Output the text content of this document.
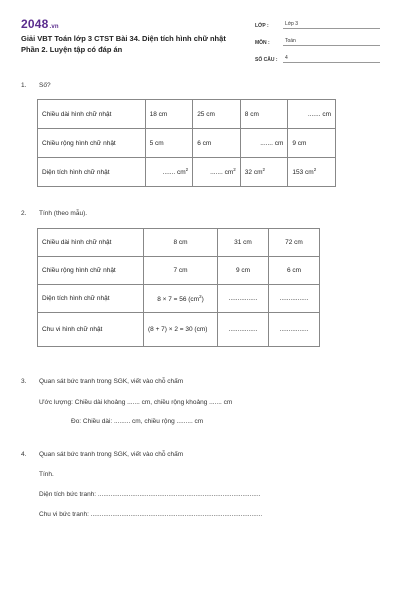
2048.vn
Giải VBT Toán lớp 3 CTST Bài 34. Diện tích hình chữ nhật
Phần 2. Luyện tập có đáp án
LỚP :	Lớp 3
MÔN :	Toán
SỐ CÂU :	4
1. Số?
Chiều dài hình chữ nhật	18 cm	25 cm	8 cm	....... cm
Chiều rộng hình chữ nhật	5 cm	6 cm	....... cm	9 cm
Diện tích hình chữ nhật	....... $cm^2$	....... $cm^2$	32 $cm^2$	153 $cm^2$
2. Tính (theo mẫu).
Chiều dài hình chữ nhật	8 cm	31 cm	72 cm
Chiều rộng hình chữ nhật	7 cm	9 cm	6 cm
Diện tích hình chữ nhật	8 × 7 = 56 $(cm^2)$	................	................
Chu vi hình chữ nhật	(8 + 7) × 2 = 30 (cm)	................	................
3. Quan sát bức tranh trong SGK, viết vào chỗ chấm
Ước lượng: Chiều dài khoảng ....... cm, chiều rộng khoảng ....... cm
Đo: Chiều dài: ......... cm, chiều rộng ......... cm
4. Quan sát bức tranh trong SGK, viết vào chỗ chấm
Tính.
Diện tích bức tranh: ..........................................................................................
Chu vi bức tranh: ...............................................................................................
